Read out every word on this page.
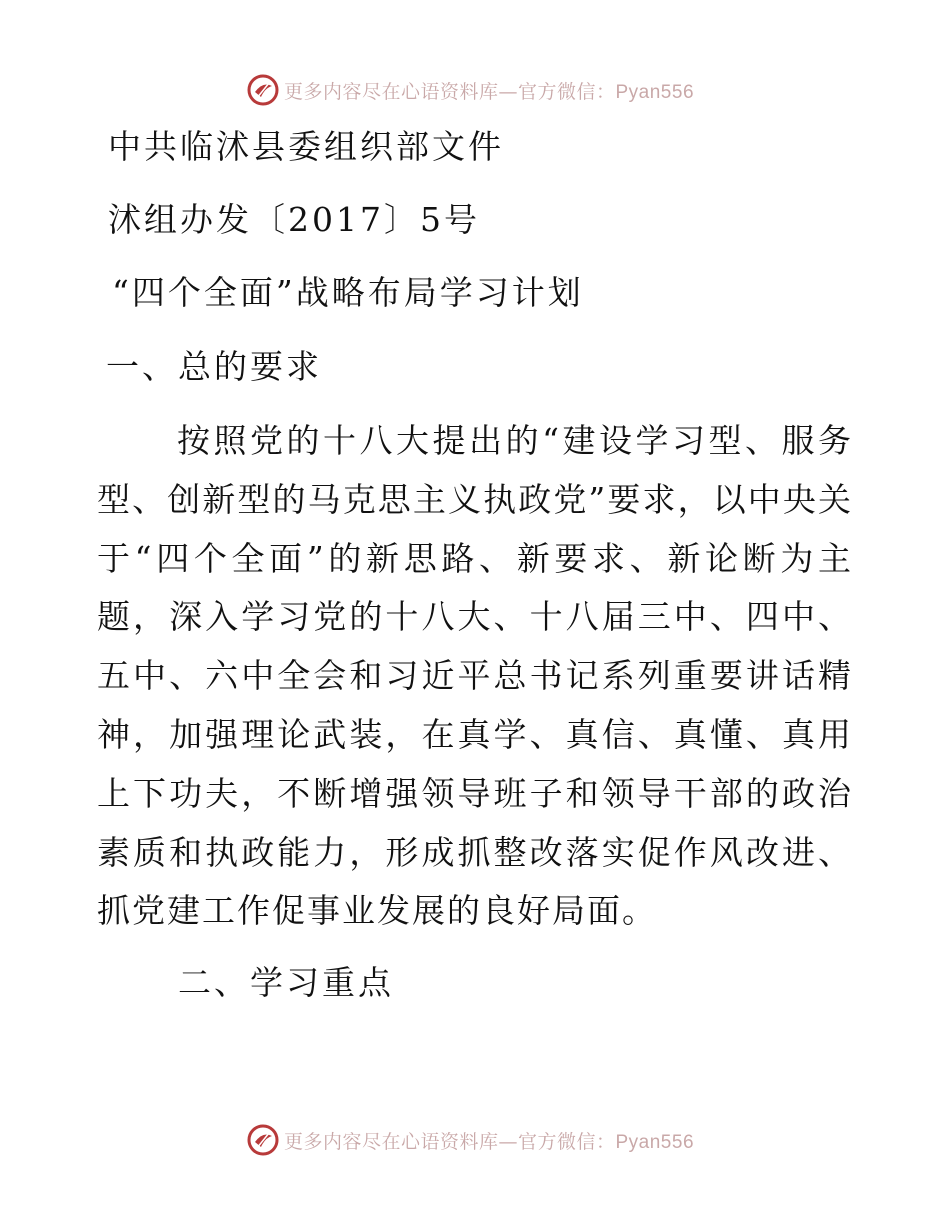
更多内容尽在心语资料库—官方微信：Pyan556
中共临沭县委组织部文件
沭组办发〔2017〕5号
“四个全面”战略布局学习计划
一、总的要求
按照党的十八大提出的“建设学习型、服务型、创新型的马克思主义执政党”要求，以中央关于“四个全面”的新思路、新要求、新论断为主题，深入学习党的十八大、十八届三中、四中、五中、六中全会和习近平总书记系列重要讲话精神，加强理论武装，在真学、真信、真懂、真用上下功夫，不断增强领导班子和领导干部的政治素质和执政能力，形成抓整改落实促作风改进、抓党建工作促事业发展的良好局面。
二、学习重点
更多内容尽在心语资料库—官方微信：Pyan556
